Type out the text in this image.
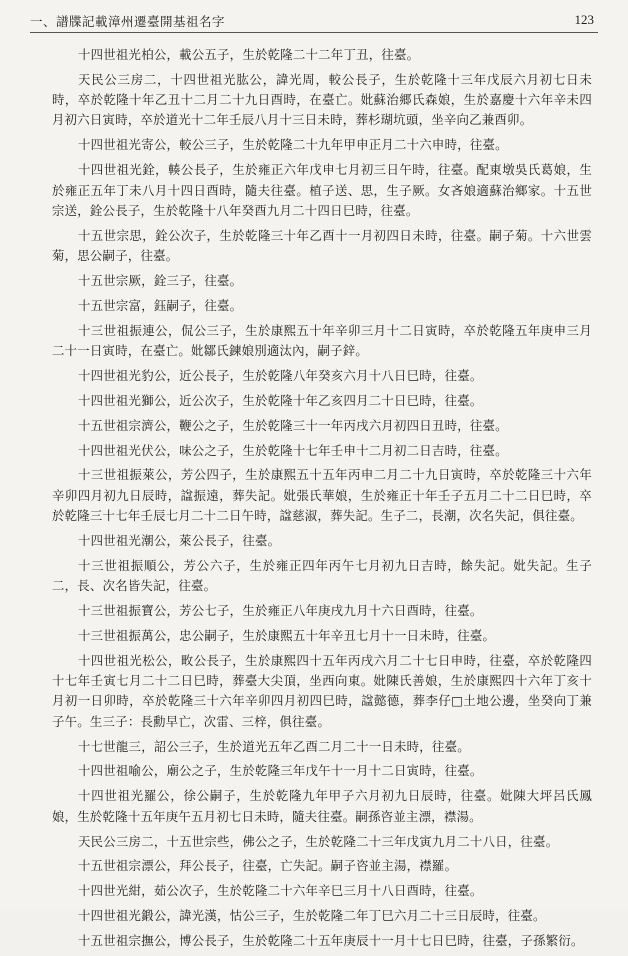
一、譜牒記載漳州遷臺開基祖名字	123

十四世祖光柏公，載公五子，生於乾隆二十二年丁丑，往臺。

天民公三房二，十四世祖光肱公，諱光周，較公長子，生於乾隆十三年戊辰六月初七日未時，卒於乾隆十年乙丑十二月二十九日酉時，在臺亡。妣蘇治郷氏森娘，生於嘉慶十六年辛未四月初六日寅時，卒於道光十二年壬辰八月十三日未時，葬杉瑚坑頭，坐辛向乙兼酉卯。

十四世祖光寄公，較公三子，生於乾隆二十九年甲申正月二十六申時，往臺。

十四世祖光銓，輳公長子，生於雍正六年戊申七月初三日午時，往臺。配東墩吳氏葛娘，生於雍正五年丁未八月十四日酉時，隨夫往臺。植子送、思，生子厥。女吝娘適蘇治鄉家。十五世宗送，銓公長子，生於乾隆十八年癸酉九月二十四日巳時，往臺。

十五世宗思，銓公次子，生於乾隆三十年乙酉十一月初四日未時，往臺。嗣子菊。十六世雲菊，思公嗣子，往臺。

十五世宗厥，銓三子，往臺。

十五世宗富，鈺嗣子，往臺。

十三世祖振連公，侃公三子，生於康熙五十年辛卯三月十二日寅時，卒於乾隆五年庚申三月二十一日寅時，在臺亡。妣鄒氏鍊娘別適汰內，嗣子鋅。

十四世祖光豹公，近公長子，生於乾隆八年癸亥六月十八日巳時，往臺。

十四世祖光獅公，近公次子，生於乾隆十年乙亥四月二十日巳時，往臺。

十五世祖宗濟公，鞭公之子，生於乾隆三十一年丙戌六月初四日丑時，往臺。

十四世祖光伏公，味公之子，生於乾隆十七年壬申十二月初二日吉時，往臺。

十三世祖振萊公，芳公四子，生於康熙五十五年丙申二月二十九日寅時，卒於乾隆三十六年辛卯四月初九日辰時，諡振遠，葬失記。妣張氏華娘，生於雍正十年壬子五月二十二日巳時，卒於乾隆三十七年壬辰七月二十二日午時，諡慈淑，葬失記。生子二，長潮，次名失記，俱往臺。

十四世祖光潮公，萊公長子，往臺。

十三世祖振順公，芳公六子，生於雍正四年丙午七月初九日吉時，餘失記。妣失記。生子二，長、次名皆失記，往臺。

十三世祖振寶公，芳公七子，生於雍正八年庚戌九月十六日酉時，往臺。

十三世祖振萬公，忠公嗣子，生於康熙五十年辛丑七月十一日未時，往臺。

十四世祖光松公，畋公長子，生於康熙四十五年丙戌六月二十七日申時，往臺，卒於乾隆四十七年壬寅七月二十二日巳時，葬臺大尖頂，坐西向東。妣陳氏善娘，生於康熙四十六年丁亥十月初一日卯時，卒於乾隆三十六年辛卯四月初四巳時，諡懿德，葬李仔□土地公邊，坐癸向丁兼子午。生三子：長勳早亡，次雷、三梓，俱往臺。

十七世龍三，詔公三子，生於道光五年乙酉二月二十一日未時，往臺。

十四世祖喻公，廟公之子，生於乾隆三年戊午十一月十二日寅時，往臺。

十四世祖光羅公，徐公嗣子，生於乾隆九年甲子六月初九日辰時，往臺。妣陳大坪呂氏鳳娘，生於乾隆十五年庚午五月初七日未時，隨夫往臺。嗣孫咨並主漂，襟湯。

天民公三房二，十五世宗些，佛公之子，生於乾隆二十三年戊寅九月二十八日，往臺。

十五世祖宗漂公，拜公長子，往臺，亡失記。嗣子咨並主湯，襟羅。

十四世光紺，茹公次子，生於乾隆二十六年辛巳三月十八日酉時，往臺。

十四世祖光鍛公，諱光漢，怙公三子，生於乾隆二年丁巳六月二十三日辰時，往臺。

十五世祖宗撫公，博公長子，生於乾隆二十五年庚辰十一月十七日巳時，往臺，子孫繁衍。
